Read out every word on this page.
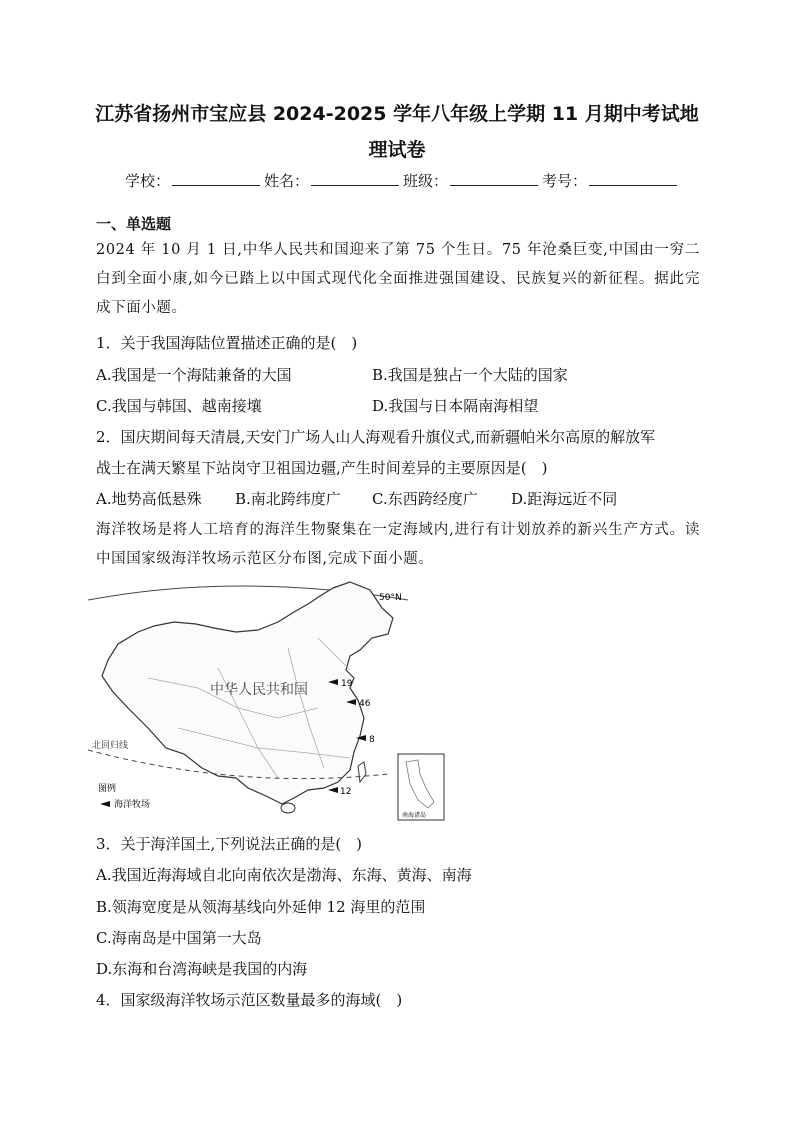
江苏省扬州市宝应县 2024-2025 学年八年级上学期 11 月期中考试地
理试卷
学校：	姓名：	班级：	考号：
一、单选题
2024 年 10 月 1 日,中华人民共和国迎来了第 75 个生日。75 年沧桑巨变,中国由一穷二白到全面小康,如今已踏上以中国式现代化全面推进强国建设、民族复兴的新征程。据此完成下面小题。
1．关于我国海陆位置描述正确的是(　)
A.我国是一个海陆兼备的大国	B.我国是独占一个大陆的国家
C.我国与韩国、越南接壤	D.我国与日本隔南海相望
2．国庆期间每天清晨,天安门广场人山人海观看升旗仪式,而新疆帕米尔高原的解放军
战士在满天繁星下站岗守卫祖国边疆,产生时间差异的主要原因是(　)
A.地势高低悬殊 B.南北跨纬度广 C.东西跨经度广 D.距海远近不同
海洋牧场是将人工培育的海洋生物聚集在一定海域内,进行有计划放养的新兴生产方式。读中国国家级海洋牧场示范区分布图,完成下面小题。
50°N
北回归线
中华人民共和国	19
46
8
12
图例
海洋牧场
南海诸岛
3．关于海洋国土,下列说法正确的是(　)
A.我国近海海域自北向南依次是渤海、东海、黄海、南海
B.领海宽度是从领海基线向外延伸 12 海里的范围
C.海南岛是中国第一大岛
D.东海和台湾海峡是我国的内海
4．国家级海洋牧场示范区数量最多的海域(　)
